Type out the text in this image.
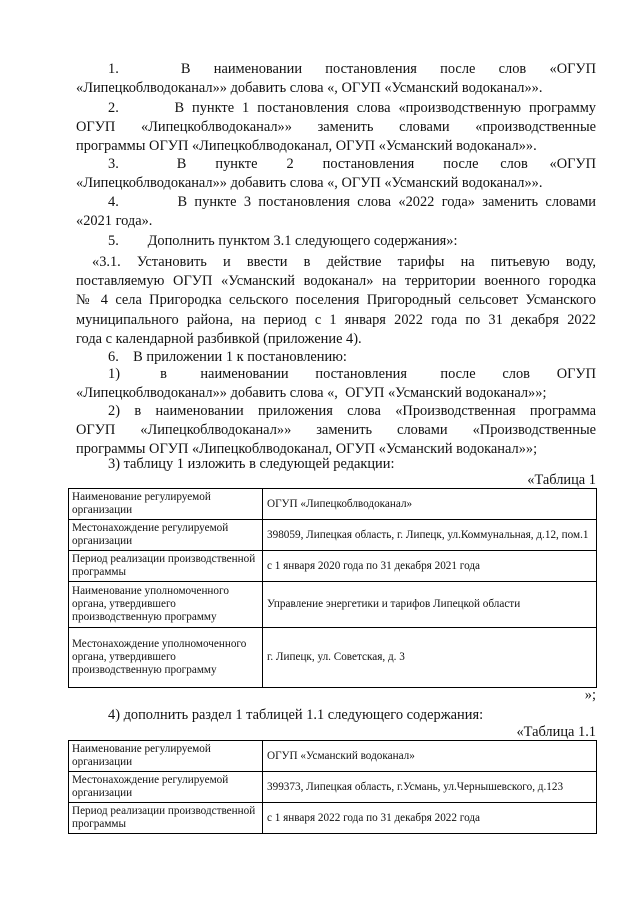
1.        В   наименовании   постановления   после   слов   «ОГУП
«Липецкоблводоканал»» добавить слова «, ОГУП «Усманский водоканал»».
2.       В пункте 1 постановления слова «производственную программу
ОГУП  «Липецкоблводоканал»»  заменить  словами  «производственные
программы ОГУП «Липецкоблводоканал, ОГУП «Усманский водоканал»».
3.        В    пункте    2    постановления    после   слов   «ОГУП
«Липецкоблводоканал»» добавить слова «, ОГУП «Усманский водоканал»».
4.        В пункте 3 постановления слова «2022 года» заменить словами
«2021 года».
5.        Дополнить пунктом 3.1 следующего содержания»:
«3.1. Установить и ввести в действие тарифы на питьевую воду,
поставляемую ОГУП «Усманский водоканал» на территории военного городка
№ 4 села Пригородка сельского поселения Пригородный сельсовет Усманского
муниципального района, на период с 1 января 2022 года по 31 декабря 2022
года с календарной разбивкой (приложение 4).
6.    В приложении 1 к постановлению:
1)      в     наименовании    постановления     после    слов    ОГУП
«Липецкоблводоканал»» добавить слова «,  ОГУП «Усманский водоканал»»;
2) в наименовании приложения слова «Производственная программа
ОГУП  «Липецкоблводоканал»»  заменить  словами  «Производственные
программы ОГУП «Липецкоблводоканал, ОГУП «Усманский водоканал»»;
3) таблицу 1 изложить в следующей редакции:

«Таблица 1

Наименование регулируемой организации	ОГУП «Липецкоблводоканал»
Местонахождение регулируемой организации	398059, Липецкая область, г. Липецк, ул.Коммунальная, д.12, пом.1
Период реализации производственной программы	с 1 января 2020 года по 31 декабря 2021 года
Наименование уполномоченного органа, утвердившего производственную программу	Управление энергетики и тарифов Липецкой области
Местонахождение уполномоченного органа, утвердившего производственную программу	г. Липецк, ул. Советская, д. 3

»;

4) дополнить раздел 1 таблицей 1.1 следующего содержания:

«Таблица 1.1

Наименование регулируемой организации	ОГУП «Усманский водоканал»
Местонахождение регулируемой организации	399373, Липецкая область, г.Усмань, ул.Чернышевского, д.123
Период реализации производственной программы	с 1 января 2022 года по 31 декабря 2022 года
